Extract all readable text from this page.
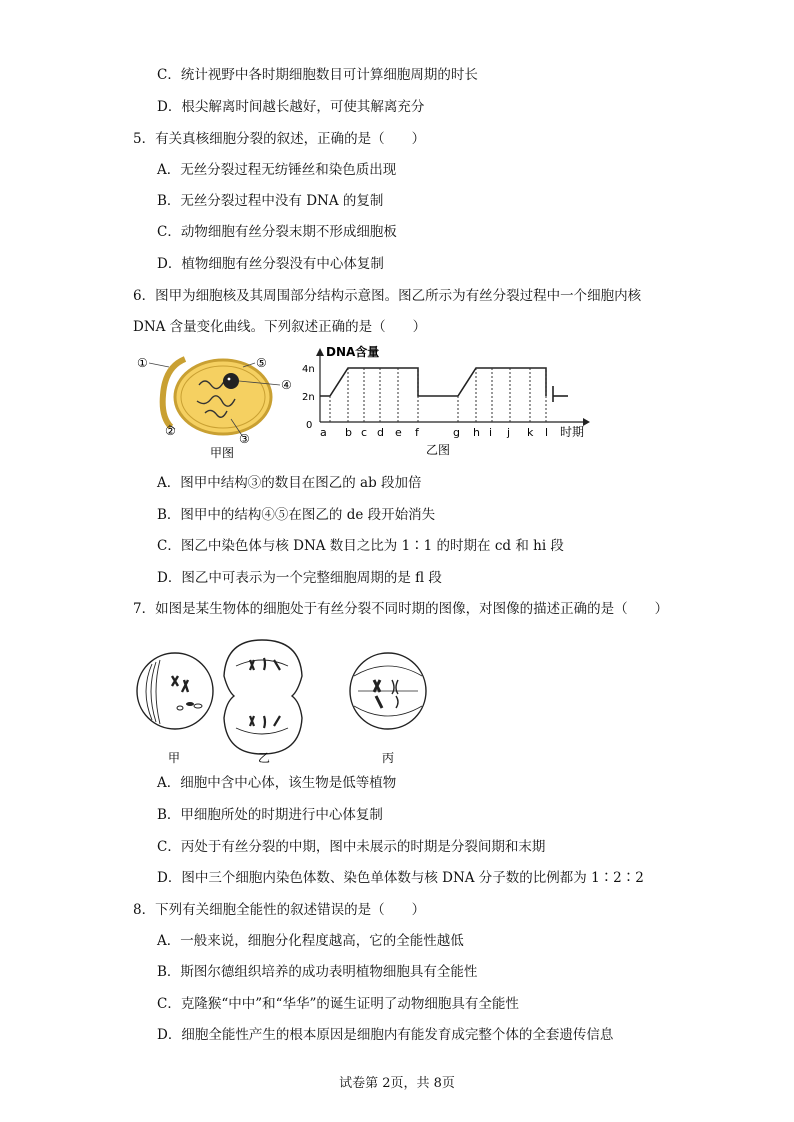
C．统计视野中各时期细胞数目可计算细胞周期的时长
D．根尖解离时间越长越好，可使其解离充分
5．有关真核细胞分裂的叙述，正确的是（　　）
A．无丝分裂过程无纺锤丝和染色质出现
B．无丝分裂过程中没有 DNA 的复制
C．动物细胞有丝分裂末期不形成细胞板
D．植物细胞有丝分裂没有中心体复制
6．图甲为细胞核及其周围部分结构示意图。图乙所示为有丝分裂过程中一个细胞内核
DNA 含量变化曲线。下列叙述正确的是（　　）
①	⑤
④
②
③
甲图
DNA含量
4n
2n
0
a b c d e f	g h i j k l 时期
乙图
A．图甲中结构③的数目在图乙的 ab 段加倍
B．图甲中的结构④⑤在图乙的 de 段开始消失
C．图乙中染色体与核 DNA 数目之比为 1∶1 的时期在 cd 和 hi 段
D．图乙中可表示为一个完整细胞周期的是 fl 段
7．如图是某生物体的细胞处于有丝分裂不同时期的图像，对图像的描述正确的是（　　）
甲	乙	丙
A．细胞中含中心体，该生物是低等植物
B．甲细胞所处的时期进行中心体复制
C．丙处于有丝分裂的中期，图中未展示的时期是分裂间期和末期
D．图中三个细胞内染色体数、染色单体数与核 DNA 分子数的比例都为 1∶2∶2
8．下列有关细胞全能性的叙述错误的是（　　）
A．一般来说，细胞分化程度越高，它的全能性越低
B．斯图尔德组织培养的成功表明植物细胞具有全能性
C．克隆猴“中中”和“华华”的诞生证明了动物细胞具有全能性
D．细胞全能性产生的根本原因是细胞内有能发育成完整个体的全套遗传信息
试卷第 2页，共 8页
